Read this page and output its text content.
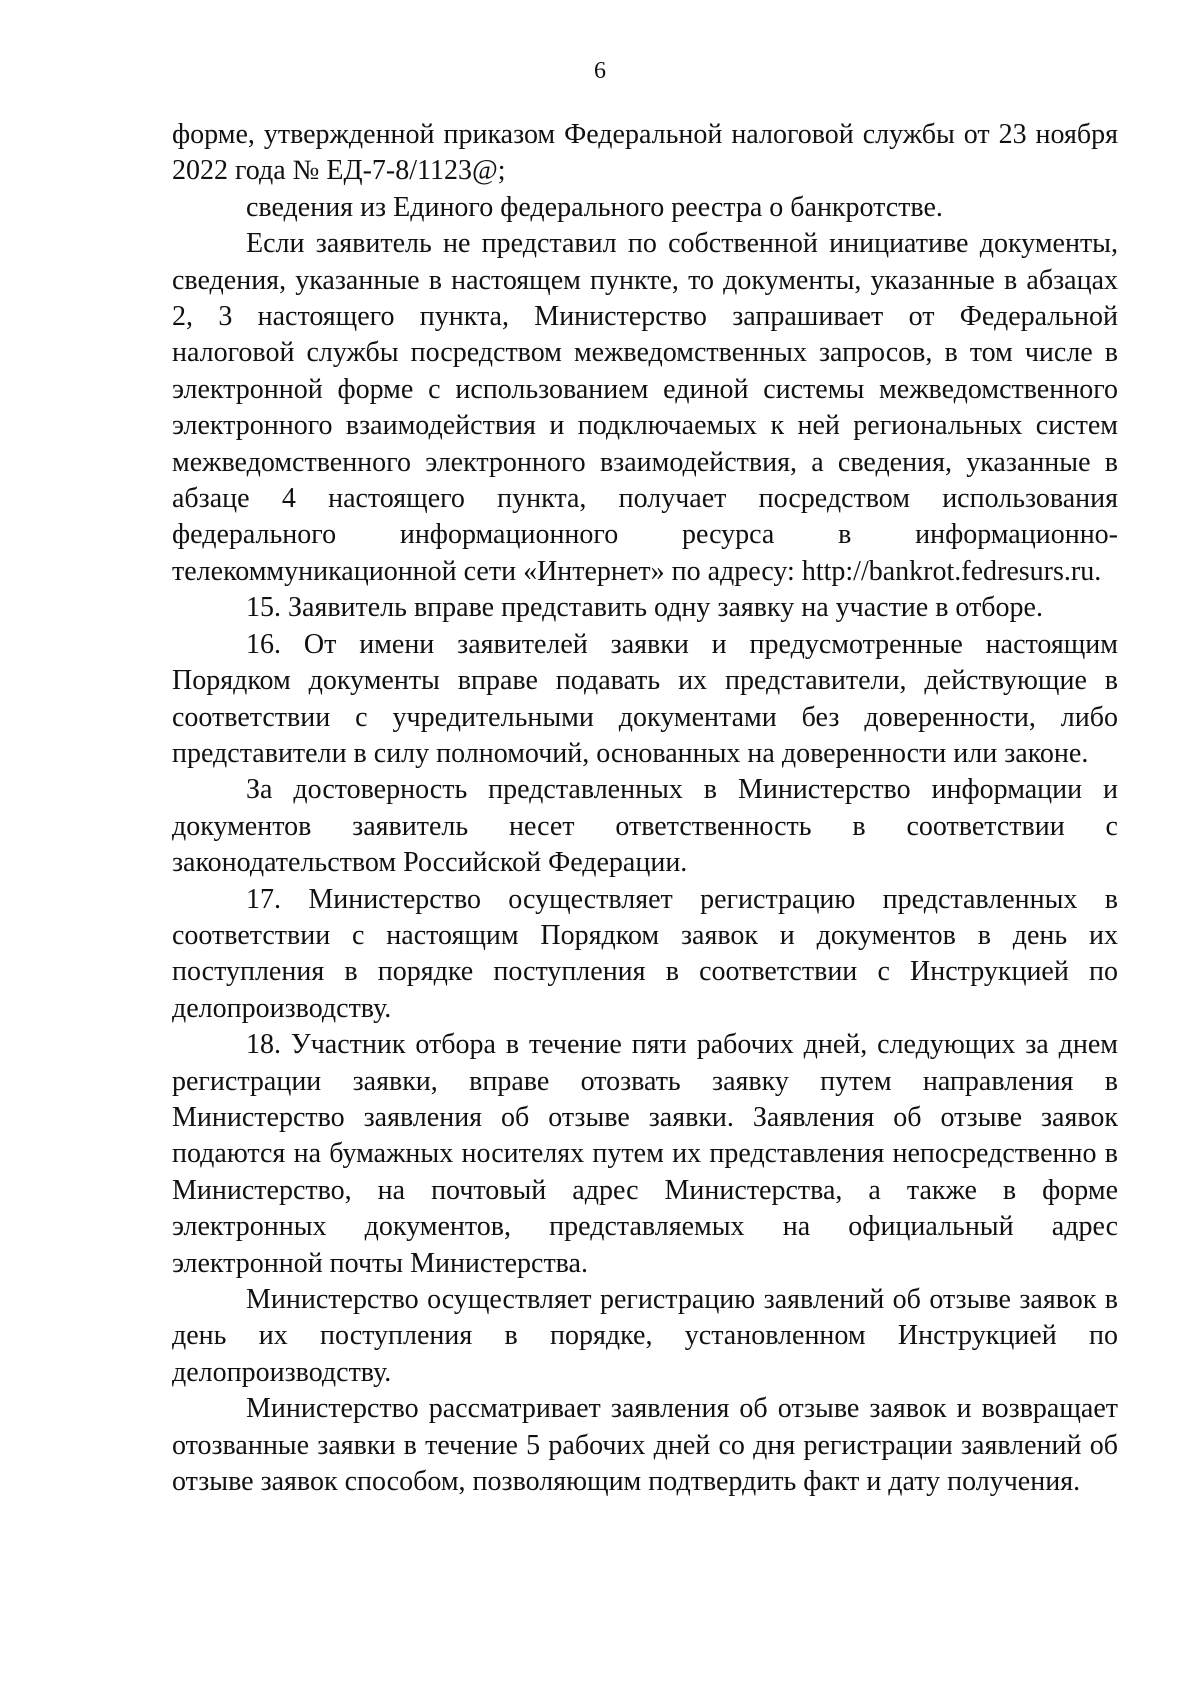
6

форме, утвержденной приказом Федеральной налоговой службы от 23 ноября 2022 года № ЕД-7-8/1123@;

сведения из Единого федерального реестра о банкротстве.

Если заявитель не представил по собственной инициативе документы, сведения, указанные в настоящем пункте, то документы, указанные в абзацах 2, 3 настоящего пункта, Министерство запрашивает от Федеральной налоговой службы посредством межведомственных запросов, в том числе в электронной форме с использованием единой системы межведомственного электронного взаимодействия и подключаемых к ней региональных систем межведомственного электронного взаимодействия, а сведения, указанные в абзаце 4 настоящего пункта, получает посредством использования федерального информационного ресурса в информационно-телекоммуникационной сети «Интернет» по адресу: http://bankrot.fedresurs.ru.

15. Заявитель вправе представить одну заявку на участие в отборе.

16. От имени заявителей заявки и предусмотренные настоящим Порядком документы вправе подавать их представители, действующие в соответствии с учредительными документами без доверенности, либо представители в силу полномочий, основанных на доверенности или законе.

За достоверность представленных в Министерство информации и документов заявитель несет ответственность в соответствии с законодательством Российской Федерации.

17. Министерство осуществляет регистрацию представленных в соответствии с настоящим Порядком заявок и документов в день их поступления в порядке поступления в соответствии с Инструкцией по делопроизводству.

18. Участник отбора в течение пяти рабочих дней, следующих за днем регистрации заявки, вправе отозвать заявку путем направления в Министерство заявления об отзыве заявки. Заявления об отзыве заявок подаются на бумажных носителях путем их представления непосредственно в Министерство, на почтовый адрес Министерства, а также в форме электронных документов, представляемых на официальный адрес электронной почты Министерства.

Министерство осуществляет регистрацию заявлений об отзыве заявок в день их поступления в порядке, установленном Инструкцией по делопроизводству.

Министерство рассматривает заявления об отзыве заявок и возвращает отозванные заявки в течение 5 рабочих дней со дня регистрации заявлений об отзыве заявок способом, позволяющим подтвердить факт и дату получения.
